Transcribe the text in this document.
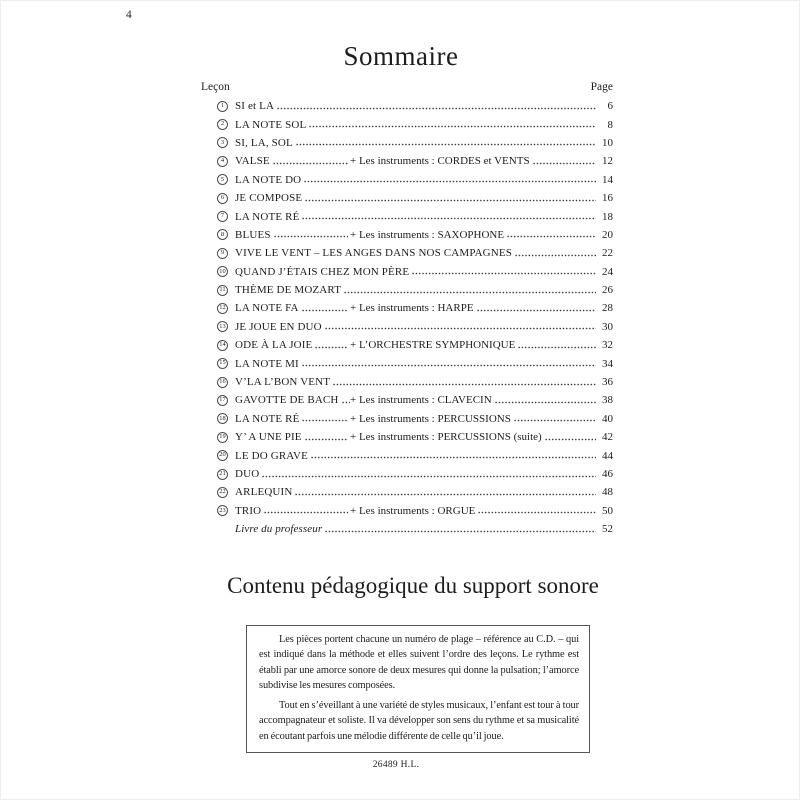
4
Sommaire
Leçon	Page
1 SI et LA	6
2 LA NOTE SOL	8
3 SI, LA, SOL	10
4 VALSE	+ Les instruments : CORDES et VENTS	12
5 LA NOTE DO	14
6 JE COMPOSE	16
7 LA NOTE RÉ	18
8 BLUES	+ Les instruments : SAXOPHONE	20
9 VIVE LE VENT – LES ANGES DANS NOS CAMPAGNES	22
10 QUAND J’ÉTAIS CHEZ MON PÈRE	24
11 THÈME DE MOZART	26
12 LA NOTE FA	+ Les instruments : HARPE	28
13 JE JOUE EN DUO	30
14 ODE À LA JOIE	+ L’ORCHESTRE SYMPHONIQUE	32
15 LA NOTE MI	34
16 V’LA L’BON VENT	36
17 GAVOTTE DE BACH + Les instruments : CLAVECIN	38
18 LA NOTE RÉ	+ Les instruments : PERCUSSIONS	40
19 Y’ A UNE PIE	+ Les instruments : PERCUSSIONS (suite)	42
20 LE DO GRAVE	44
21 DUO	46
22 ARLEQUIN	48
23 TRIO	+ Les instruments : ORGUE	50
Livre du professeur	52
Contenu pédagogique du support sonore

Les pièces portent chacune un numéro de plage – référence au C.D. – qui est indiqué dans la méthode et elles suivent l’ordre des leçons. Le rythme est établi par une amorce sonore de deux mesures qui donne la pulsation; l’amorce subdivise les mesures composées.

Tout en s’éveillant à une variété de styles musicaux, l’enfant est tour à tour accompagnateur et soliste. Il va développer son sens du rythme et sa musicalité en écoutant parfois une mélodie différente de celle qu’il joue.

26489 H.L.
